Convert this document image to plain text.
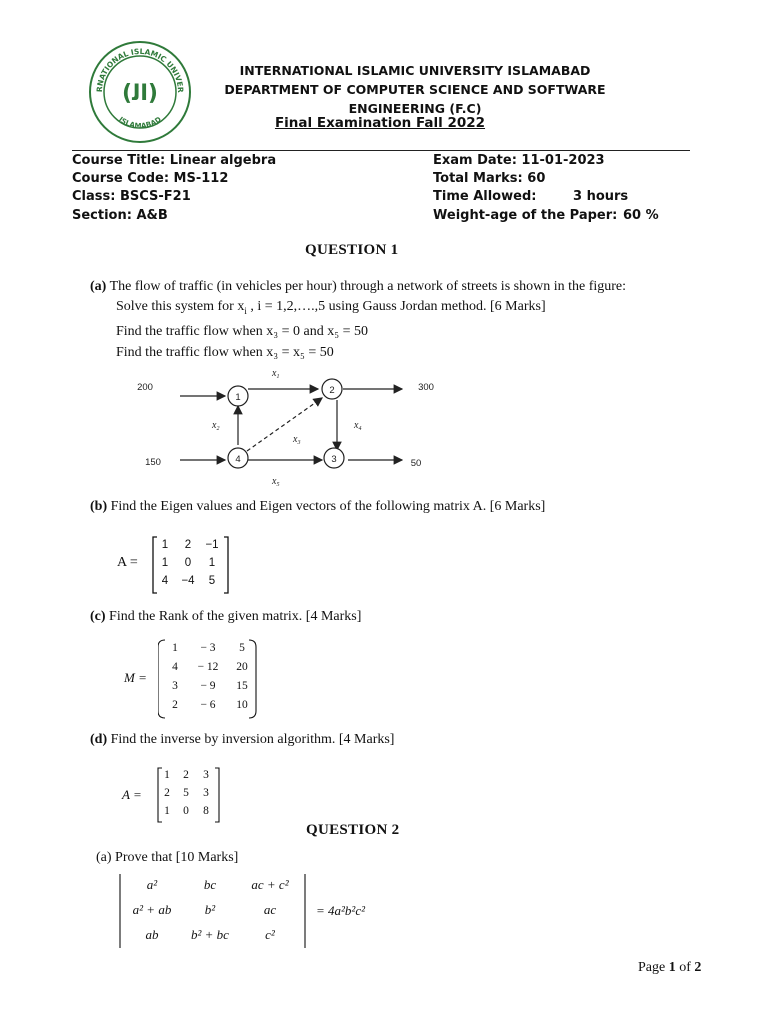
RNATIONAL ISLAMIC UNIVER
ISLAMABAD
(ﺍﻟ)
INTERNATIONAL ISLAMIC UNIVERSITY ISLAMABAD
DEPARTMENT OF COMPUTER SCIENCE AND SOFTWARE ENGINEERING (F.C)
Final Examination Fall 2022
Course Title: Linear algebra
Course Code: MS-112
Class: BSCS-F21
Section: A&B
Exam Date: 11-01-2023
Total Marks: 60
Time Allowed:	3 hours
Weight-age of the Paper: 60 %
QUESTION 1
(a) The flow of traffic (in vehicles per hour) through a network of streets is shown in the figure:
Solve this system for $x_i$ , i = 1,2,….,5 using Gauss Jordan method. [6 Marks]
Find the traffic flow when x₃ = 0 and x₅ = 50
Find the traffic flow when x₃ = x₅ = 50
1
2
4	3
200
150
300
50
$x_1$
$x_2$
$x_3$
$x_4$
$x_5$
(b) Find the Eigen values and Eigen vectors of the following matrix A. [6 Marks]
A =
1	2	−1
1	0	1
4	−4	5
(c) Find the Rank of the given matrix. [4 Marks]
M =
1	− 3	5
4	− 12	20
3	− 9	15
2	− 6	10
(d) Find the inverse by inversion algorithm. [4 Marks]
A =
1	2	3
2	5	3
1	0	8
QUESTION 2
(a) Prove that [10 Marks]
a²	bc	ac + c²
a² + ab	b²	ac
ab	b² + bc	c²
= 4a²b²c²
Page 1 of 2
